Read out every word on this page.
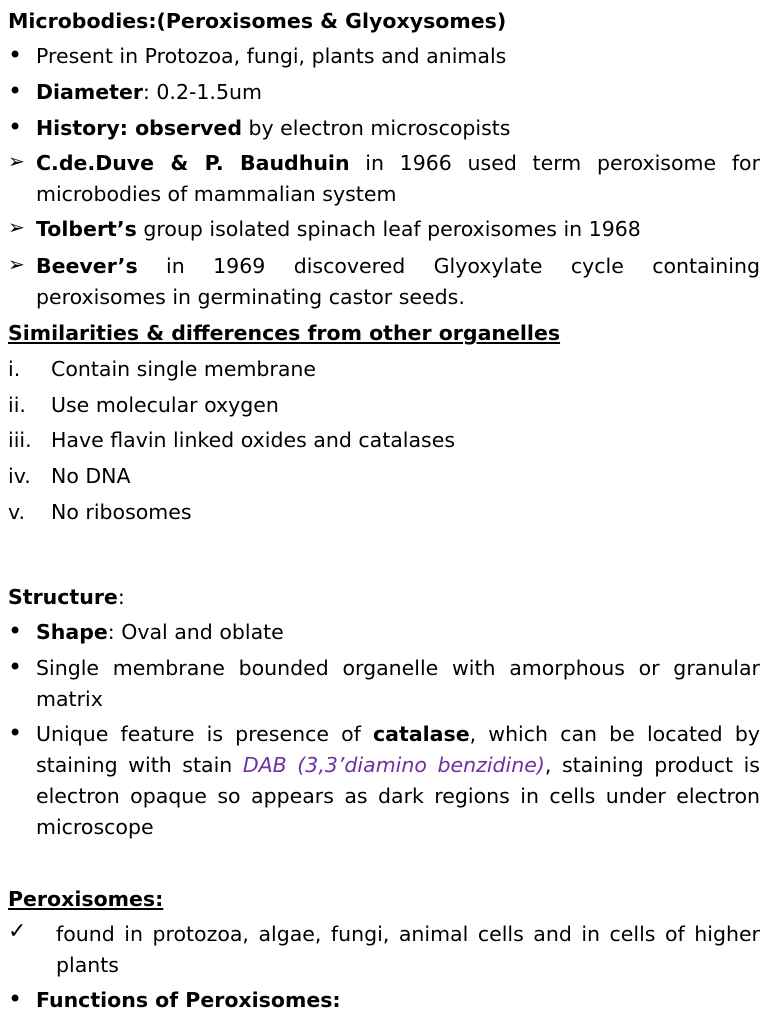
Microbodies:(Peroxisomes & Glyoxysomes)
• Present in Protozoa, fungi, plants and animals
• Diameter: 0.2-1.5um
• History: observed by electron microscopists
➢ C.de.Duve & P. Baudhuin in 1966 used term peroxisome for microbodies of mammalian system
➢ Tolbert’s group isolated spinach leaf peroxisomes in 1968
➢ Beever’s in 1969 discovered Glyoxylate cycle containing peroxisomes in germinating castor seeds.
Similarities & differences from other organelles
i. Contain single membrane
ii. Use molecular oxygen
iii. Have flavin linked oxides and catalases
iv. No DNA
v. No ribosomes
Structure:
• Shape: Oval and oblate
• Single membrane bounded organelle with amorphous or granular matrix
• Unique feature is presence of catalase, which can be located by staining with stain DAB (3,3’diamino benzidine), staining product is electron opaque so appears as dark regions in cells under electron microscope
Peroxisomes:
✓	found in protozoa, algae, fungi, animal cells and in cells of higher plants
• Functions of Peroxisomes:
